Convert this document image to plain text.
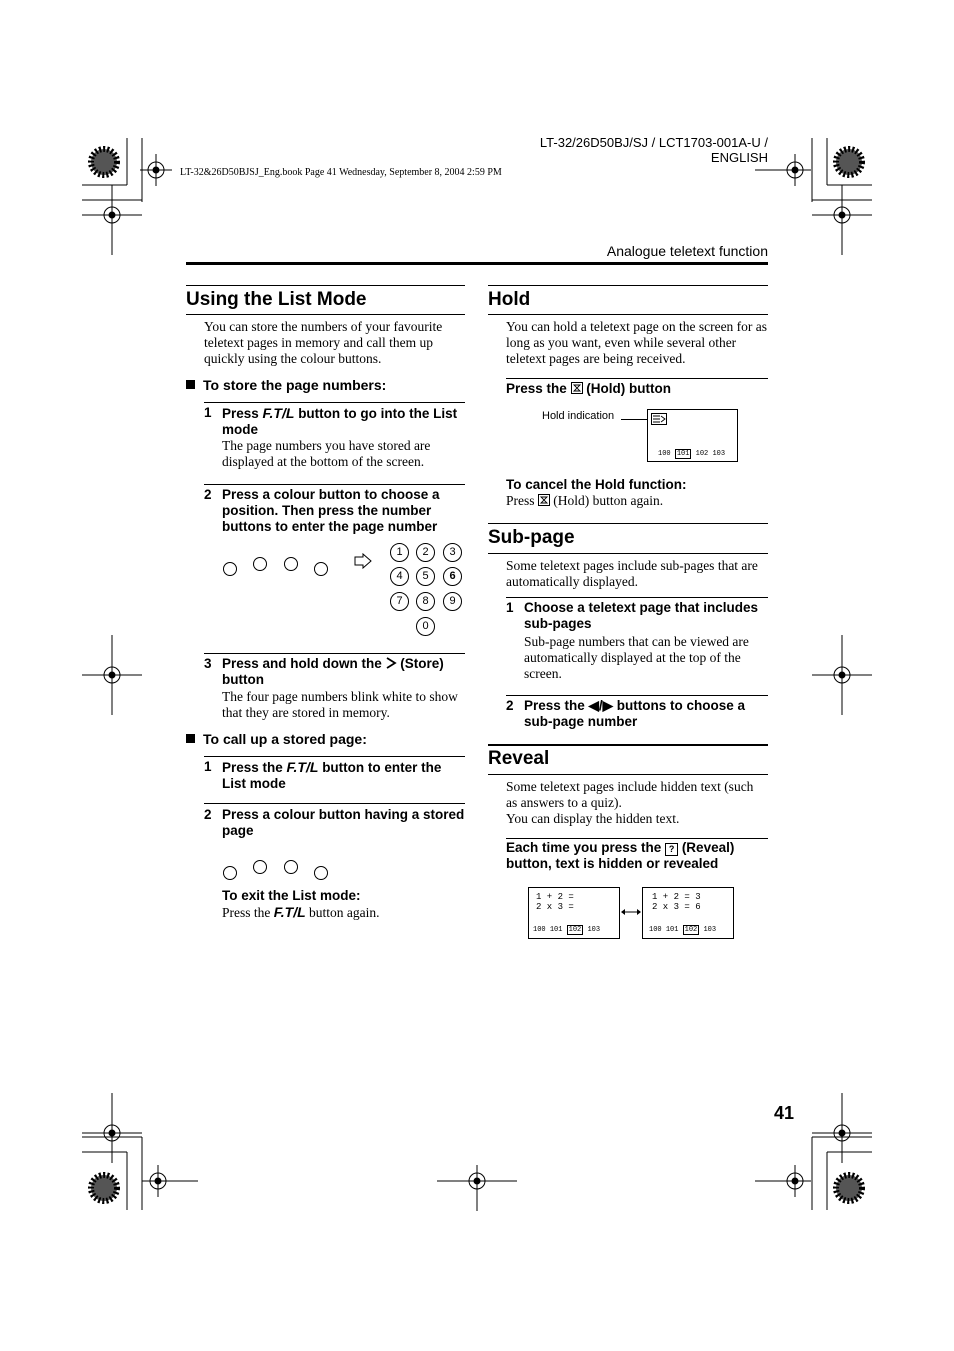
LT-32/26D50BJ/SJ / LCT1703-001A-U / ENGLISH
LT-32&26D50BJSJ_Eng.book Page 41 Wednesday, September 8, 2004 2:59 PM
Analogue teletext function
Using the List Mode
You can store the numbers of your favourite teletext pages in memory and call them up quickly using the colour buttons.
To store the page numbers:
1 Press F.T/L button to go into the List mode
The page numbers you have stored are displayed at the bottom of the screen.
2 Press a colour button to choose a position. Then press the number buttons to enter the page number
1	2	3
4	5	6
7	8	9
0
3 Press and hold down the  (Store) button
The four page numbers blink white to show that they are stored in memory.
To call up a stored page:
1 Press the F.T/L button to enter the List mode
2 Press a colour button having a stored page
To exit the List mode:
Press the F.T/L button again.
Hold
You can hold a teletext page on the screen for as long as you want, even while several other teletext pages are being received.
Press the  (Hold) button
Hold indication
100 101 102 103
To cancel the Hold function:
Press  (Hold) button again.
Sub-page
Some teletext pages include sub-pages that are automatically displayed.
1 Choose a teletext page that includes sub-pages
Sub-page numbers that can be viewed are automatically displayed at the top of the screen.
2 Press the ◀/▶ buttons to choose a sub-page number
Reveal
Some teletext pages include hidden text (such as answers to a quiz).
You can display the hidden text.
Each time you press the ? (Reveal) button, text is hidden or revealed
1 + 2 =
2 x 3 =
100 101 102 103
1 + 2 = 3
2 x 3 = 6
100 101 102 103
41
